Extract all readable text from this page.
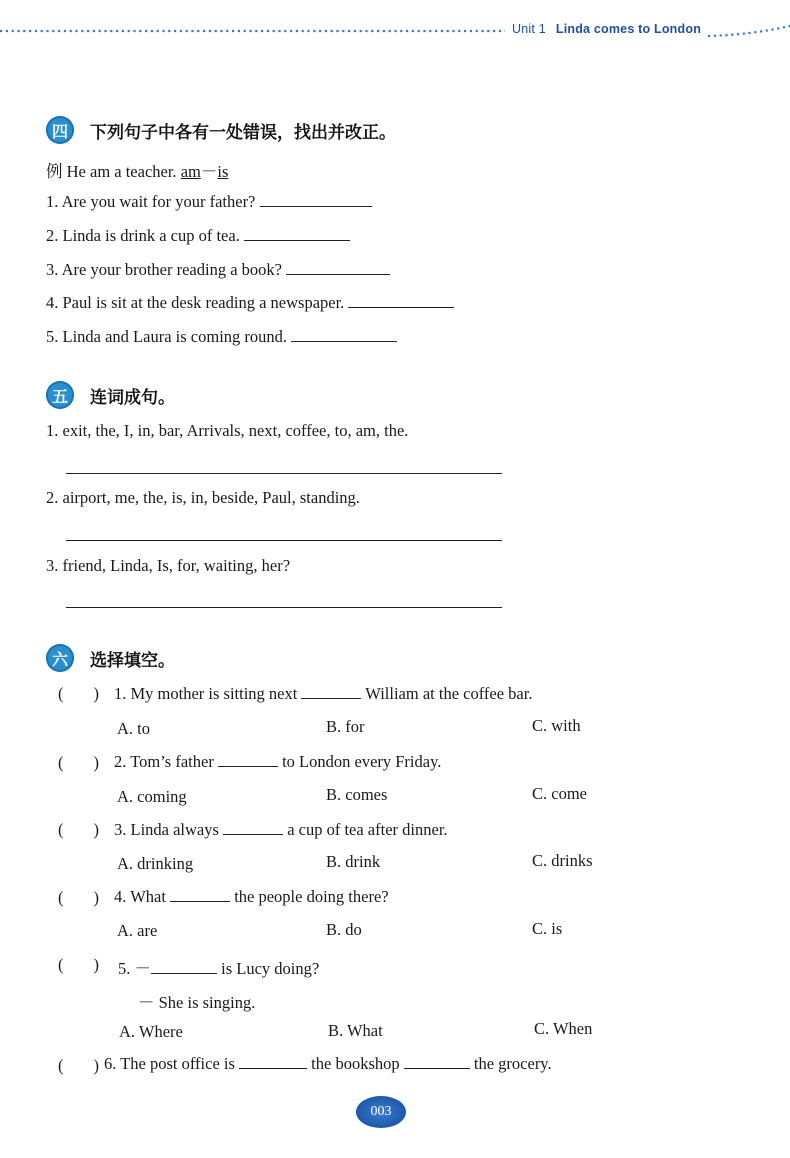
Unit 1 Linda comes to London
四	下列句子中各有一处错误，找出并改正。
例 He am a teacher. am－is
1. Are you wait for your father?
2. Linda is drink a cup of tea.
3. Are your brother reading a book?
4. Paul is sit at the desk reading a newspaper.
5. Linda and Laura is coming round.
五	连词成句。
1. exit, the, I, in, bar, Arrivals, next, coffee, to, am, the.
2. airport, me, the, is, in, beside, Paul, standing.
3. friend, Linda, Is, for, waiting, her?
六	选择填空。
( ) 1. My mother is sitting next	William at the coffee bar.
A. to	B. for	C. with
( ) 2. Tom’s father	to London every Friday.
A. coming	B. comes	C. come
( ) 3. Linda always	a cup of tea after dinner.
A. drinking	B. drink	C. drinks
( ) 4. What	the people doing there?
A. are	B. do	C. is
( ) 5. －	is Lucy doing?
－ She is singing.
A. Where	B. What	C. When
( ) 6. The post office is	the bookshop	the grocery.
003
